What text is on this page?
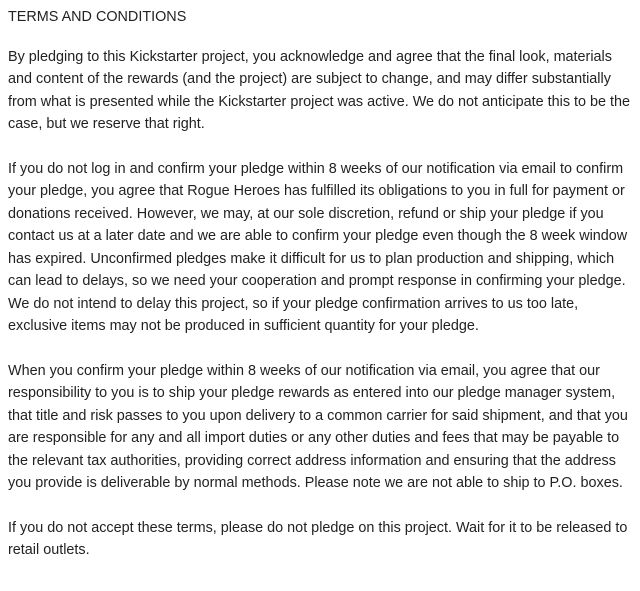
TERMS AND CONDITIONS

By pledging to this Kickstarter project, you acknowledge and agree that the final look, materials and content of the rewards (and the project) are subject to change, and may differ substantially from what is presented while the Kickstarter project was active. We do not anticipate this to be the case, but we reserve that right.

If you do not log in and confirm your pledge within 8 weeks of our notification via email to confirm your pledge, you agree that Rogue Heroes has fulfilled its obligations to you in full for payment or donations received. However, we may, at our sole discretion, refund or ship your pledge if you contact us at a later date and we are able to confirm your pledge even though the 8 week window has expired. Unconfirmed pledges make it difficult for us to plan production and shipping, which can lead to delays, so we need your cooperation and prompt response in confirming your pledge. We do not intend to delay this project, so if your pledge confirmation arrives to us too late, exclusive items may not be produced in sufficient quantity for your pledge.

When you confirm your pledge within 8 weeks of our notification via email, you agree that our responsibility to you is to ship your pledge rewards as entered into our pledge manager system, that title and risk passes to you upon delivery to a common carrier for said shipment, and that you are responsible for any and all import duties or any other duties and fees that may be payable to the relevant tax authorities, providing correct address information and ensuring that the address you provide is deliverable by normal methods. Please note we are not able to ship to P.O. boxes.

If you do not accept these terms, please do not pledge on this project. Wait for it to be released to retail outlets.
